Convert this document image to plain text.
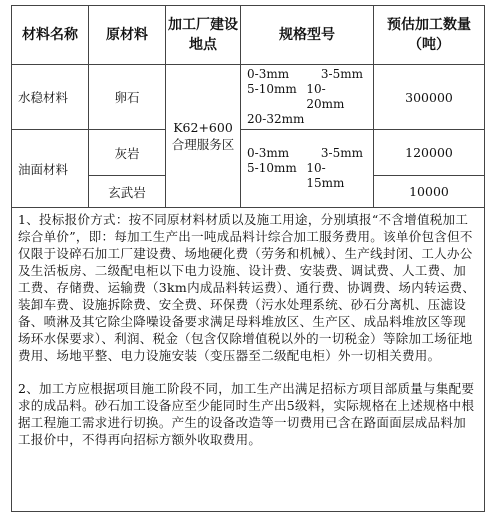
材料名称	原材料	加工厂建设地点	规格型号	预估加工数量（吨）
水稳材料	卵石	K62+600合理服务区	0-3mm 3-5mm
5-10mm 10-20mm
20-32mm	300000
油面材料	灰岩		0-3mm 3-5mm
5-10mm 10-15mm	120000
	玄武岩			10000

1、投标报价方式：按不同原材料材质以及施工用途，分别填报“不含增值税加工综合单价”，即：每加工生产出一吨成品料计综合加工服务费用。该单价包含但不仅限于设碎石加工厂建设费、场地硬化费（劳务和机械）、生产线封闭、工人办公及生活板房、二级配电柜以下电力设施、设计费、安装费、调试费、人工费、加工费、存储费、运输费（3km内成品料转运费）、通行费、协调费、场内转运费、装卸车费、设施拆除费、安全费、环保费（污水处理系统、砂石分离机、压滤设备、喷淋及其它除尘降噪设备要求满足母料堆放区、生产区、成品料堆放区等现场环水保要求）、利润、税金（包含仅除增值税以外的一切税金）等除加工场征地费用、场地平整、电力设施安装（变压器至二级配电柜）外一切相关费用。

2、加工方应根据项目施工阶段不同，加工生产出满足招标方项目部质量与集配要求的成品料。砂石加工设备应至少能同时生产出5级料，实际规格在上述规格中根据工程施工需求进行切换。产生的设备改造等一切费用已含在路面面层成品料加工报价中，不得再向招标方额外收取费用。				
